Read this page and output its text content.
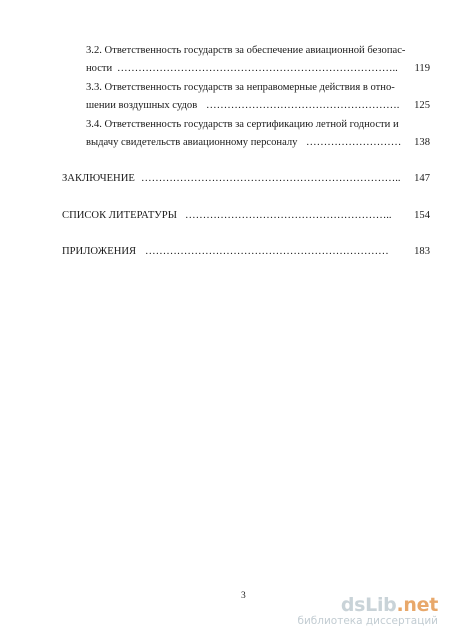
3.2. Ответственность государств за обеспечение авиационной безопас-
ности ……………………………………………………………………..	119
3.3. Ответственность государств за неправомерные действия в отно-
шении воздушных судов ……………………………………………….	125
3.4. Ответственность государств за сертификацию летной годности и
выдачу свидетельств авиационному персоналу ………………………	138
ЗАКЛЮЧЕНИЕ ………………………………………………………………..	147
СПИСОК ЛИТЕРАТУРЫ …………………………………………………..	154
ПРИЛОЖЕНИЯ ……………………………………………………………	183
3	dsLib.net
библиотека диссертаций
